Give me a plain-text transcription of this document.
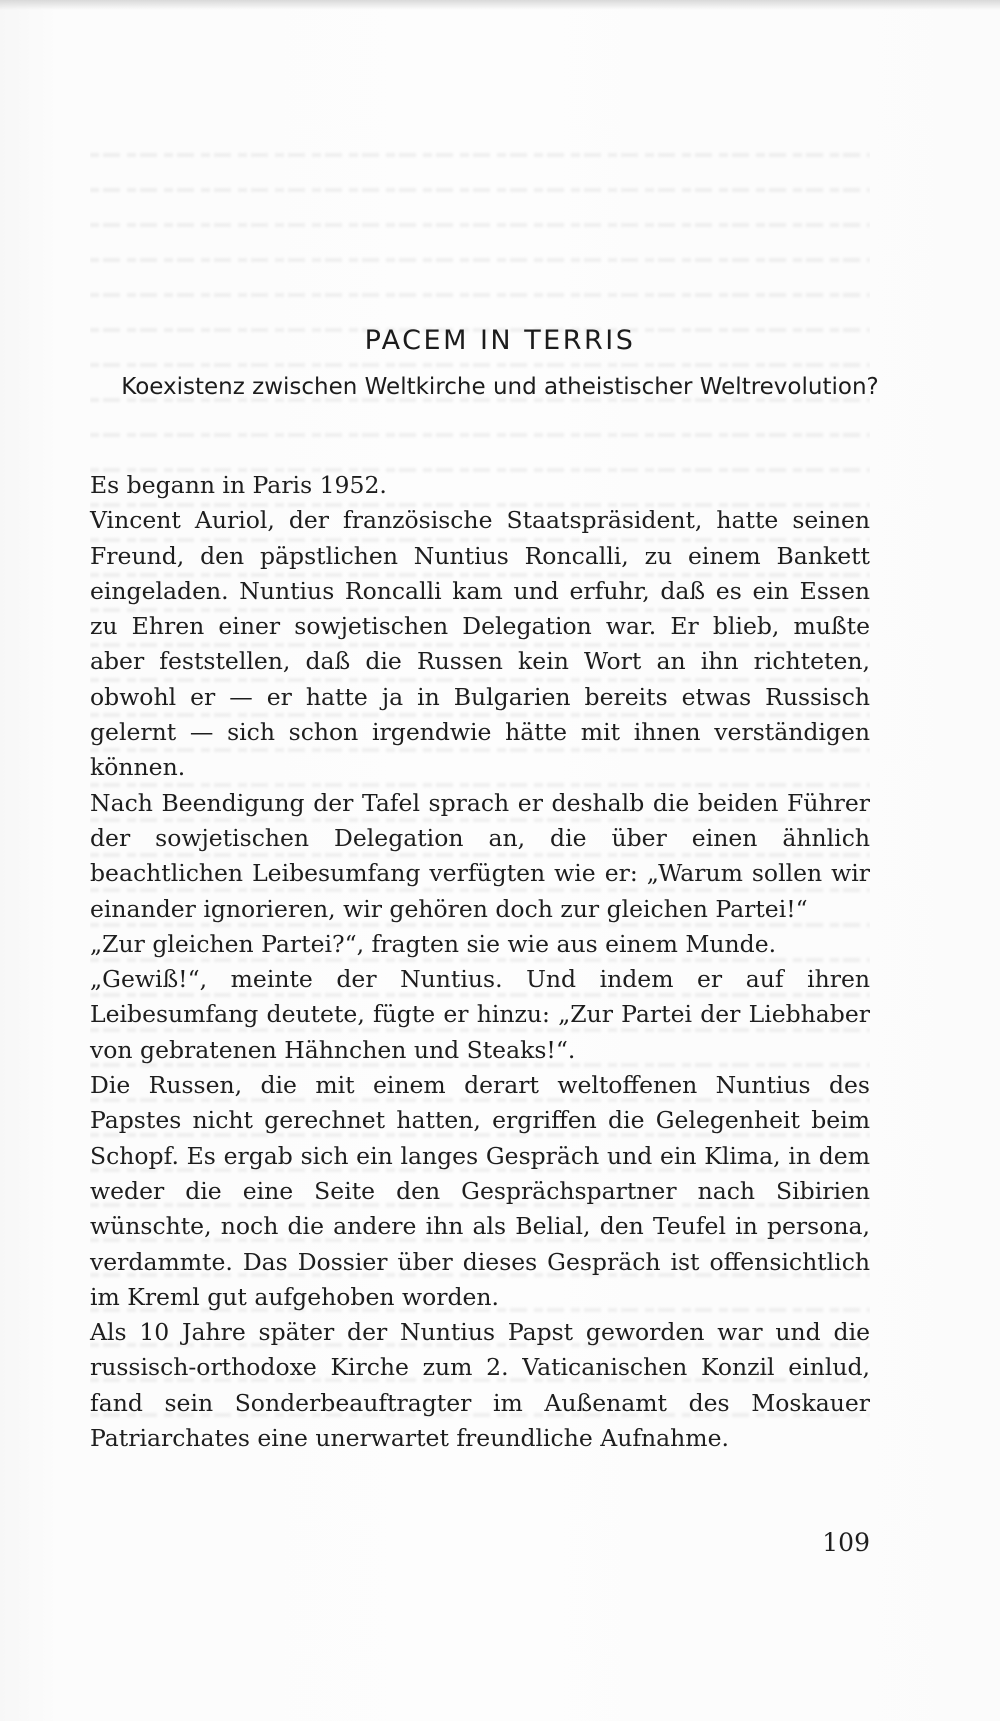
PACEM IN TERRIS
Koexistenz zwischen Weltkirche und atheistischer Weltrevolution?

Es begann in Paris 1952.

Vincent Auriol, der französische Staatspräsident, hatte seinen Freund, den päpstlichen Nuntius Roncalli, zu einem Bankett eingeladen. Nuntius Roncalli kam und erfuhr, daß es ein Essen zu Ehren einer sowjetischen Delegation war. Er blieb, mußte aber feststellen, daß die Russen kein Wort an ihn richteten, obwohl er — er hatte ja in Bulgarien bereits etwas Russisch gelernt — sich schon irgendwie hätte mit ihnen verständigen können.

Nach Beendigung der Tafel sprach er deshalb die beiden Führer der sowjetischen Delegation an, die über einen ähnlich beachtlichen Leibesumfang verfügten wie er: „Warum sollen wir einander ignorieren, wir gehören doch zur gleichen Partei!“

„Zur gleichen Partei?“, fragten sie wie aus einem Munde.

„Gewiß!“, meinte der Nuntius. Und indem er auf ihren Leibesumfang deutete, fügte er hinzu: „Zur Partei der Liebhaber von gebratenen Hähnchen und Steaks!“.

Die Russen, die mit einem derart weltoffenen Nuntius des Papstes nicht gerechnet hatten, ergriffen die Gelegenheit beim Schopf. Es ergab sich ein langes Gespräch und ein Klima, in dem weder die eine Seite den Gesprächspartner nach Sibirien wünschte, noch die andere ihn als Belial, den Teufel in persona, verdammte. Das Dossier über dieses Gespräch ist offensichtlich im Kreml gut aufgehoben worden.

Als 10 Jahre später der Nuntius Papst geworden war und die russisch-orthodoxe Kirche zum 2. Vaticanischen Konzil einlud, fand sein Sonderbeauftragter im Außenamt des Moskauer Patriarchates eine unerwartet freundliche Aufnahme.

109
